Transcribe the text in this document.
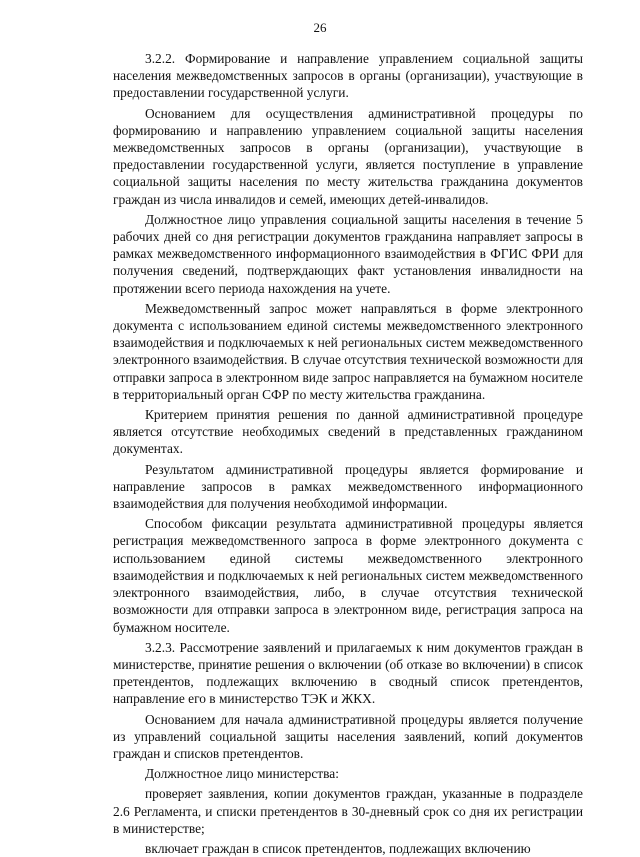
26

3.2.2. Формирование и направление управлением социальной защиты населения межведомственных запросов в органы (организации), участвующие в предоставлении государственной услуги.

Основанием для осуществления административной процедуры по формированию и направлению управлением социальной защиты населения межведомственных запросов в органы (организации), участвующие в предоставлении государственной услуги, является поступление в управление социальной защиты населения по месту жительства гражданина документов граждан из числа инвалидов и семей, имеющих детей-инвалидов.

Должностное лицо управления социальной защиты населения в течение 5 рабочих дней со дня регистрации документов гражданина направляет запросы в рамках межведомственного информационного взаимодействия в ФГИС ФРИ для получения сведений, подтверждающих факт установления инвалидности на протяжении всего периода нахождения на учете.

Межведомственный запрос может направляться в форме электронного документа с использованием единой системы межведомственного электронного взаимодействия и подключаемых к ней региональных систем межведомственного электронного взаимодействия. В случае отсутствия технической возможности для отправки запроса в электронном виде запрос направляется на бумажном носителе в территориальный орган СФР по месту жительства гражданина.

Критерием принятия решения по данной административной процедуре является отсутствие необходимых сведений в представленных гражданином документах.

Результатом административной процедуры является формирование и направление запросов в рамках межведомственного информационного взаимодействия для получения необходимой информации.

Способом фиксации результата административной процедуры является регистрация межведомственного запроса в форме электронного документа с использованием единой системы межведомственного электронного взаимодействия и подключаемых к ней региональных систем межведомственного электронного взаимодействия, либо, в случае отсутствия технической возможности для отправки запроса в электронном виде, регистрация запроса на бумажном носителе.

3.2.3. Рассмотрение заявлений и прилагаемых к ним документов граждан в министерстве, принятие решения о включении (об отказе во включении) в список претендентов, подлежащих включению в сводный список претендентов, направление его в министерство ТЭК и ЖКХ.

Основанием для начала административной процедуры является получение из управлений социальной защиты населения заявлений, копий документов граждан и списков претендентов.

Должностное лицо министерства:

проверяет заявления, копии документов граждан, указанные в подразделе 2.6 Регламента, и списки претендентов в 30-дневный срок со дня их регистрации в министерстве;

включает граждан в список претендентов, подлежащих включению
